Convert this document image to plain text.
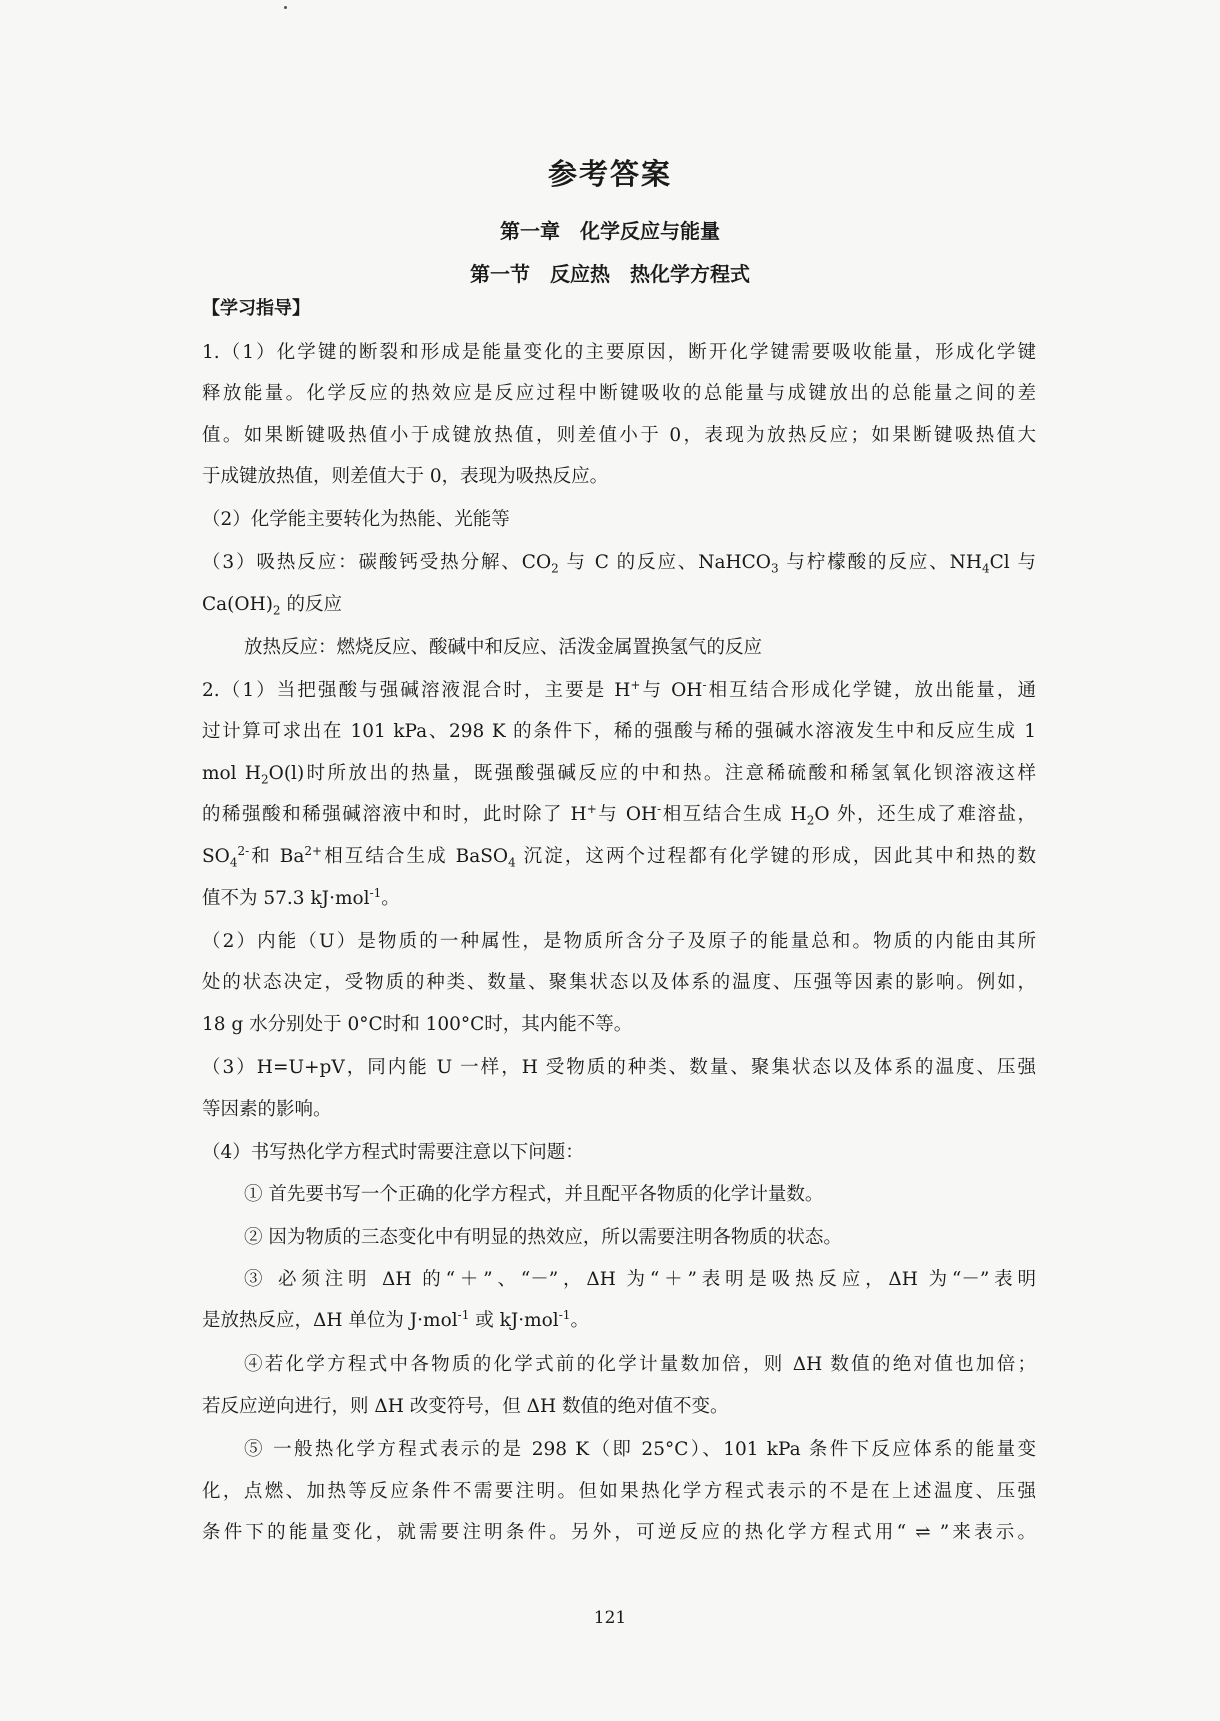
参考答案
第一章　化学反应与能量
第一节　反应热　热化学方程式
【学习指导】
1.（1）化学键的断裂和形成是能量变化的主要原因，断开化学键需要吸收能量，形成化学键
释放能量。化学反应的热效应是反应过程中断键吸收的总能量与成键放出的总能量之间的差
值。如果断键吸热值小于成键放热值，则差值小于 0，表现为放热反应；如果断键吸热值大
于成键放热值，则差值大于 0，表现为吸热反应。
（2）化学能主要转化为热能、光能等
（3）吸热反应：碳酸钙受热分解、$CO_2$ 与 C 的反应、NaHCO$_3$ 与柠檬酸的反应、$NH_4Cl$ 与
$Ca(OH)_2$ 的反应
放热反应：燃烧反应、酸碱中和反应、活泼金属置换氢气的反应
2.（1）当把强酸与强碱溶液混合时，主要是 H+与 OH-相互结合形成化学键，放出能量，通
过计算可求出在 101 kPa、298 K 的条件下，稀的强酸与稀的强碱水溶液发生中和反应生成 1
mol $H_2O(l)$时所放出的热量，既强酸强碱反应的中和热。注意稀硫酸和稀氢氧化钡溶液这样
的稀强酸和稀强碱溶液中和时，此时除了 H+与 OH-相互结合生成 $H_2O$ 外，还生成了难溶盐，
$SO_4^{2-}$和 $Ba^{2+}$相互结合生成 BaSO$_4$ 沉淀，这两个过程都有化学键的形成，因此其中和热的数
值不为 57.3 kJ·mol$^{-1}$。
（2）内能（U）是物质的一种属性，是物质所含分子及原子的能量总和。物质的内能由其所
处的状态决定，受物质的种类、数量、聚集状态以及体系的温度、压强等因素的影响。例如，
18 g 水分别处于 0°C时和 100°C时，其内能不等。
（3）H=U+pV，同内能 U 一样，H 受物质的种类、数量、聚集状态以及体系的温度、压强
等因素的影响。
（4）书写热化学方程式时需要注意以下问题：
① 首先要书写一个正确的化学方程式，并且配平各物质的化学计量数。
② 因为物质的三态变化中有明显的热效应，所以需要注明各物质的状态。
③ 必须注明 ΔH 的“＋”、“－”，ΔH 为“＋”表明是吸热反应，ΔH 为“－”表明
是放热反应，ΔH 单位为 J·mol$^{-1}$ 或 kJ·mol$^{-1}$。
④若化学方程式中各物质的化学式前的化学计量数加倍，则 ΔH 数值的绝对值也加倍；
若反应逆向进行，则 ΔH 改变符号，但 ΔH 数值的绝对值不变。
⑤ 一般热化学方程式表示的是 298 K（即 25°C）、101 kPa 条件下反应体系的能量变
化，点燃、加热等反应条件不需要注明。但如果热化学方程式表示的不是在上述温度、压强
条件下的能量变化，就需要注明条件。另外，可逆反应的热化学方程式用“ ⇌ ”来表示。
121
